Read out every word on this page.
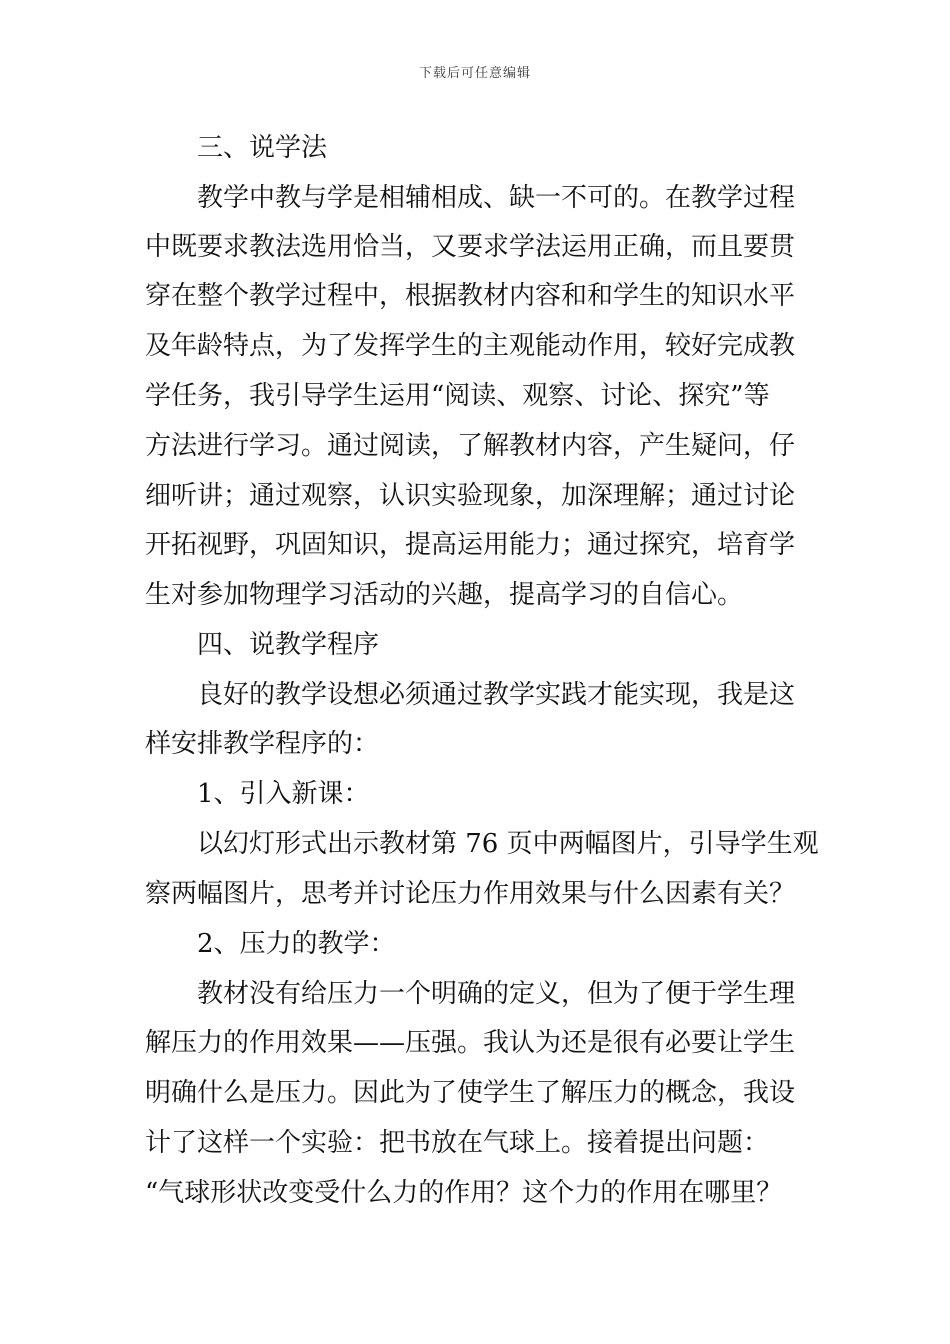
下载后可任意编辑
三、说学法
教学中教与学是相辅相成、缺一不可的。在教学过程
中既要求教法选用恰当，又要求学法运用正确，而且要贯
穿在整个教学过程中，根据教材内容和和学生的知识水平
及年龄特点，为了发挥学生的主观能动作用，较好完成教
学任务，我引导学生运用“阅读、观察、讨论、探究”等
方法进行学习。通过阅读，了解教材内容，产生疑问，仔
细听讲；通过观察，认识实验现象，加深理解；通过讨论
开拓视野，巩固知识，提高运用能力；通过探究，培育学
生对参加物理学习活动的兴趣，提高学习的自信心。
四、说教学程序
良好的教学设想必须通过教学实践才能实现，我是这
样安排教学程序的：
1、引入新课：
以幻灯形式出示教材第 76 页中两幅图片，引导学生观
察两幅图片，思考并讨论压力作用效果与什么因素有关？
2、压力的教学：
教材没有给压力一个明确的定义，但为了便于学生理
解压力的作用效果——压强。我认为还是很有必要让学生
明确什么是压力。因此为了使学生了解压力的概念，我设
计了这样一个实验：把书放在气球上。接着提出问题：
“气球形状改变受什么力的作用？这个力的作用在哪里？
